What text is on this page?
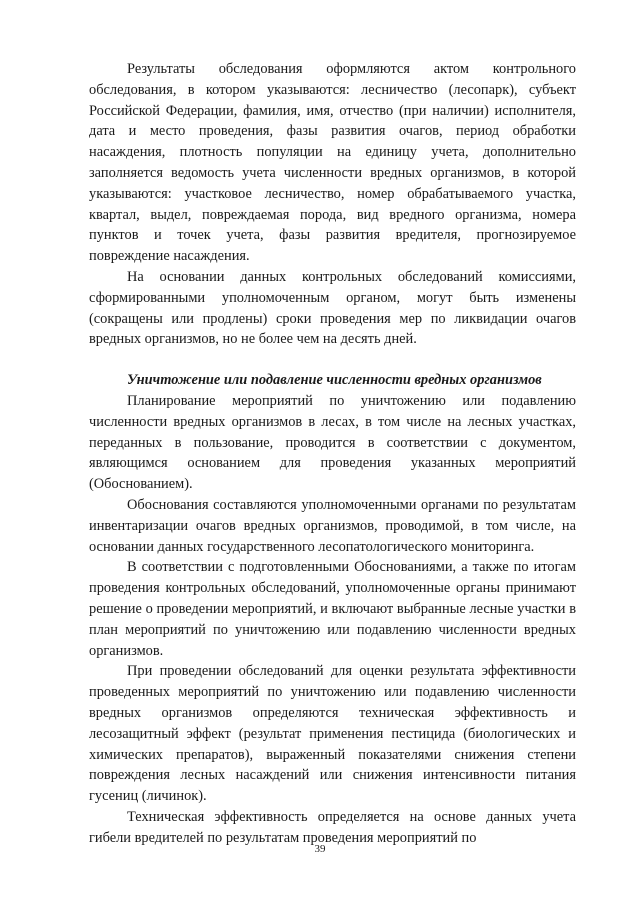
Результаты обследования оформляются актом контрольного обследования, в котором указываются: лесничество (лесопарк), субъект Российской Федерации, фамилия, имя, отчество (при наличии) исполнителя, дата и место проведения, фазы развития очагов, период обработки насаждения, плотность популяции на единицу учета, дополнительно заполняется ведомость учета численности вредных организмов, в которой указываются: участковое лесничество, номер обрабатываемого участка, квартал, выдел, повреждаемая порода, вид вредного организма, номера пунктов и точек учета, фазы развития вредителя, прогнозируемое повреждение насаждения.

На основании данных контрольных обследований комиссиями, сформированными уполномоченным органом, могут быть изменены (сокращены или продлены) сроки проведения мер по ликвидации очагов вредных организмов, но не более чем на десять дней.

Уничтожение или подавление численности вредных организмов

Планирование мероприятий по уничтожению или подавлению численности вредных организмов в лесах, в том числе на лесных участках, переданных в пользование, проводится в соответствии с документом, являющимся основанием для проведения указанных мероприятий (Обоснованием).

Обоснования составляются уполномоченными органами по результатам инвентаризации очагов вредных организмов, проводимой, в том числе, на основании данных государственного лесопатологического мониторинга.

В соответствии с подготовленными Обоснованиями, а также по итогам проведения контрольных обследований, уполномоченные органы принимают решение о проведении мероприятий, и включают выбранные лесные участки в план мероприятий по уничтожению или подавлению численности вредных организмов.

При проведении обследований для оценки результата эффективности проведенных мероприятий по уничтожению или подавлению численности вредных организмов определяются техническая эффективность и лесозащитный эффект (результат применения пестицида (биологических и химических препаратов), выраженный показателями снижения степени повреждения лесных насаждений или снижения интенсивности питания гусениц (личинок).

Техническая эффективность определяется на основе данных учета гибели вредителей по результатам проведения мероприятий по

39
